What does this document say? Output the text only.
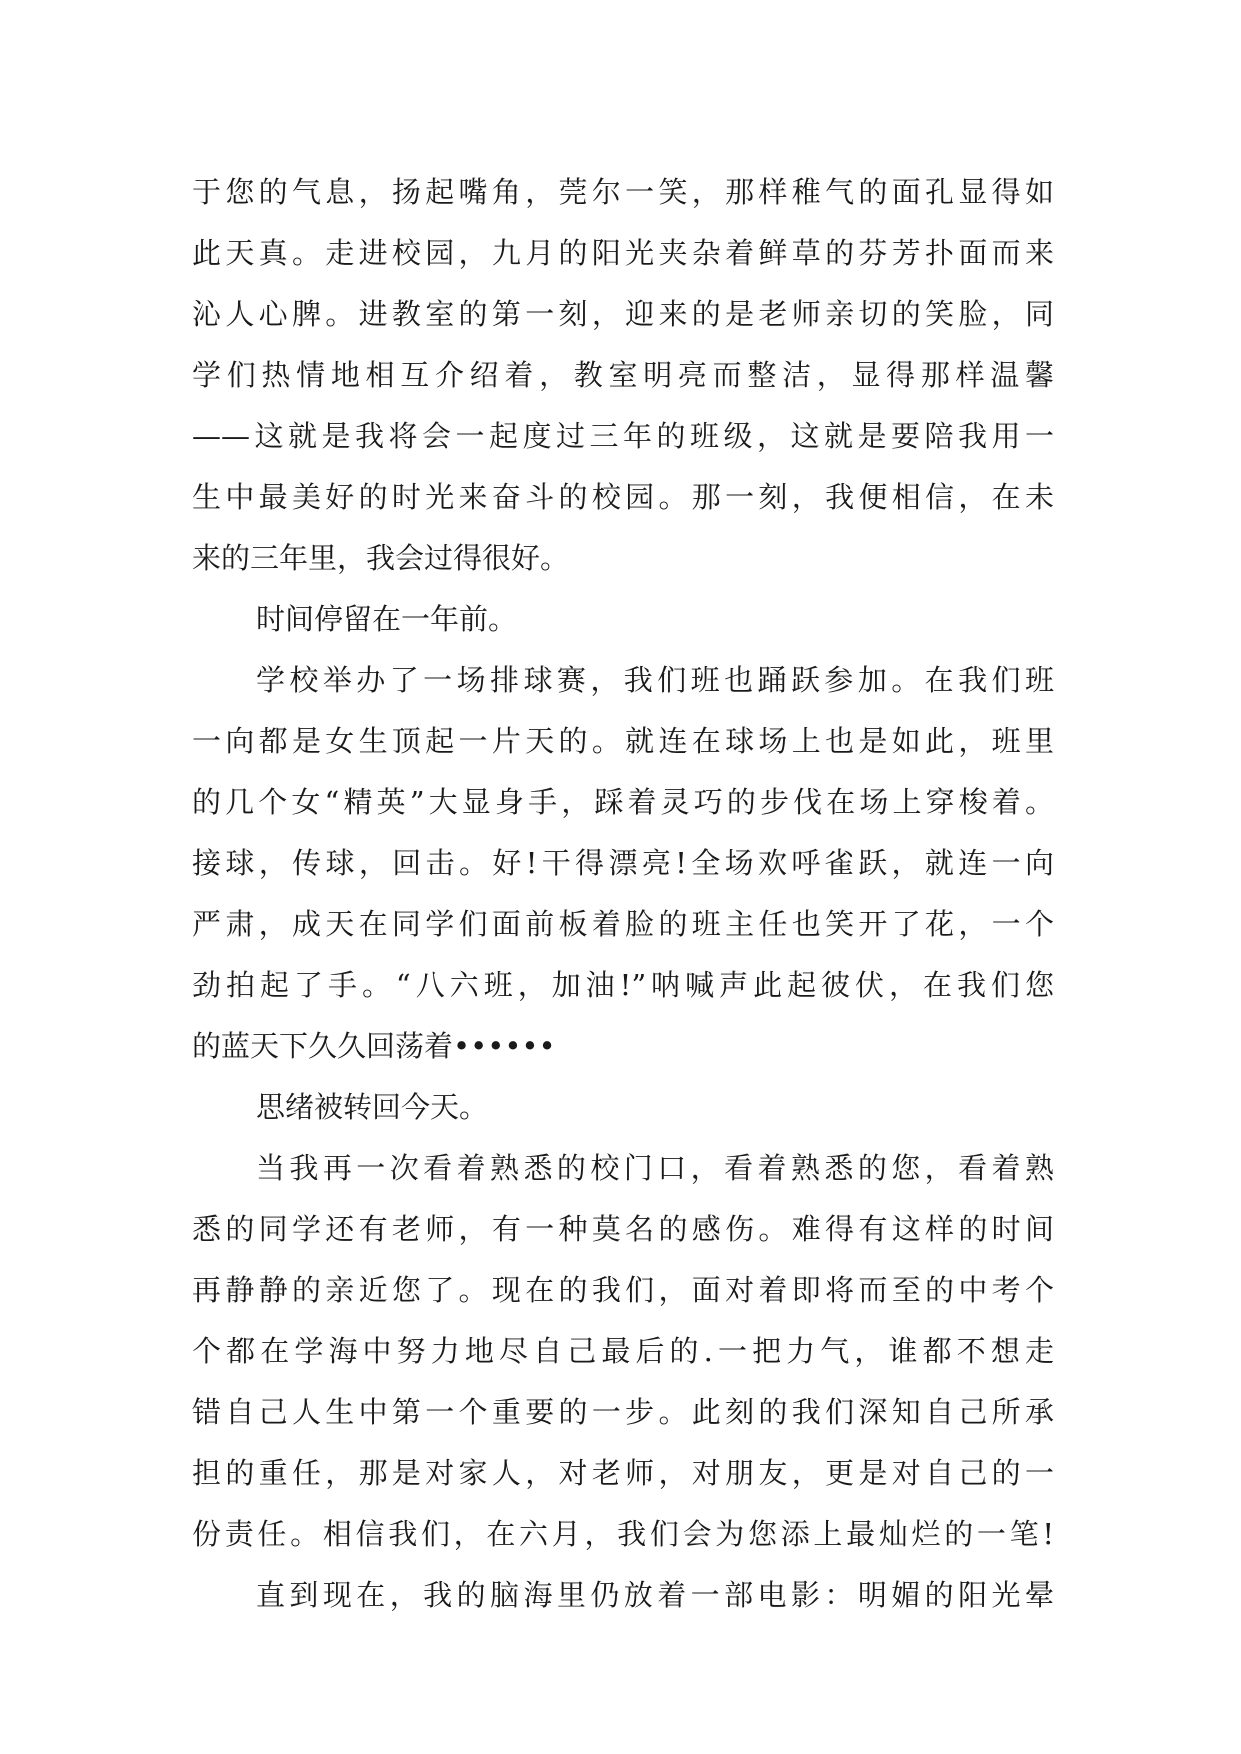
于您的气息，扬起嘴角，莞尔一笑，那样稚气的面孔显得如
此天真。走进校园，九月的阳光夹杂着鲜草的芬芳扑面而来
沁人心脾。进教室的第一刻，迎来的是老师亲切的笑脸，同
学们热情地相互介绍着，教室明亮而整洁，显得那样温馨
——这就是我将会一起度过三年的班级，这就是要陪我用一
生中最美好的时光来奋斗的校园。那一刻，我便相信，在未
来的三年里，我会过得很好。
时间停留在一年前。
学校举办了一场排球赛，我们班也踊跃参加。在我们班
一向都是女生顶起一片天的。就连在球场上也是如此，班里
的几个女“精英”大显身手，踩着灵巧的步伐在场上穿梭着。
接球，传球，回击。好!干得漂亮!全场欢呼雀跃，就连一向
严肃，成天在同学们面前板着脸的班主任也笑开了花，一个
劲拍起了手。“八六班，加油!”呐喊声此起彼伏，在我们您
的蓝天下久久回荡着••••••
思绪被转回今天。
当我再一次看着熟悉的校门口，看着熟悉的您，看着熟
悉的同学还有老师，有一种莫名的感伤。难得有这样的时间
再静静的亲近您了。现在的我们，面对着即将而至的中考个
个都在学海中努力地尽自己最后的.一把力气，谁都不想走
错自己人生中第一个重要的一步。此刻的我们深知自己所承
担的重任，那是对家人，对老师，对朋友，更是对自己的一
份责任。相信我们，在六月，我们会为您添上最灿烂的一笔!
直到现在，我的脑海里仍放着一部电影：明媚的阳光晕
